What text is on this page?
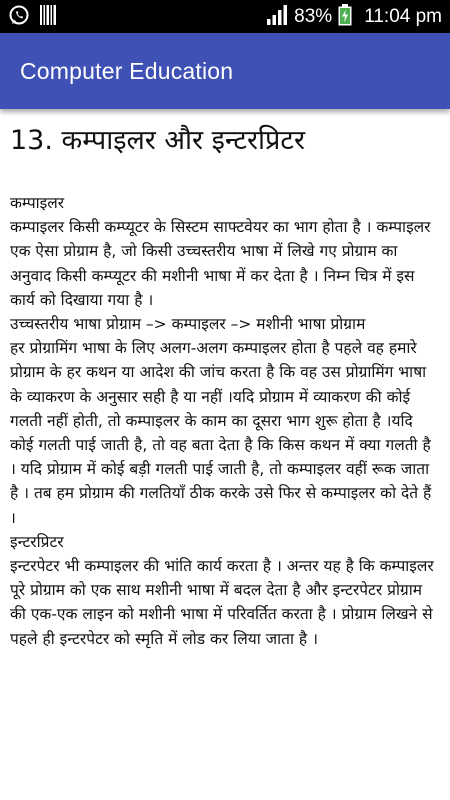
83% 11:04 pm
Computer Education
13. कम्पाइलर और इन्टरप्रिटर

कम्पाइलर

कम्पाइलर किसी कम्प्यूटर के सिस्टम साफ्टवेयर का भाग होता है । कम्पाइलर एक ऐसा प्रोग्राम है, जो किसी उच्चस्तरीय भाषा में लिखे गए प्रोग्राम का अनुवाद किसी कम्प्यूटर की मशीनी भाषा में कर देता है । निम्न चित्र में इस कार्य को दिखाया गया है ।

उच्चस्तरीय भाषा प्रोग्राम –> कम्पाइलर –> मशीनी भाषा प्रोग्राम

हर प्रोग्रामिंग भाषा के लिए अलग-अलग कम्पाइलर होता है पहले वह हमारे प्रोग्राम के हर कथन या आदेश की जांच करता है कि वह उस प्रोग्रामिंग भाषा के व्याकरण के अनुसार सही है या नहीं ।यदि प्रोग्राम में व्याकरण की कोई गलती नहीं होती, तो कम्पाइलर के काम का दूसरा भाग शुरू होता है ।यदि कोई गलती पाई जाती है, तो वह बता देता है कि किस कथन में क्या गलती है । यदि प्रोग्राम में कोई बड़ी गलती पाई जाती है, तो कम्पाइलर वहीं रूक जाता है । तब हम प्रोग्राम की गलतियाँ ठीक करके उसे फिर से कम्पाइलर को देते हैं ।

इन्टरप्रिटर

इन्टरपेटर भी कम्पाइलर की भांति कार्य करता है । अन्तर यह है कि कम्पाइलर पूरे प्रोग्राम को एक साथ मशीनी भाषा में बदल देता है और इन्टरपेटर प्रोग्राम की एक-एक लाइन को मशीनी भाषा में परिवर्तित करता है । प्रोग्राम लिखने से पहले ही इन्टरपेटर को स्मृति में लोड कर लिया जाता है ।
